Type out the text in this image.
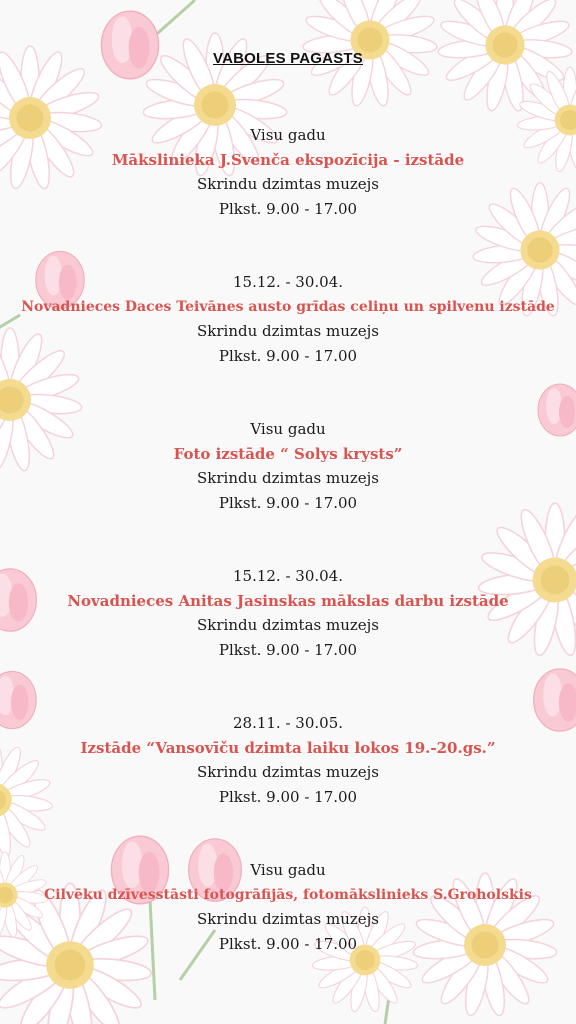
VABOLES PAGASTS
Visu gadu
Mākslinieka J.Svenča ekspozīcija - izstāde
Skrindu dzimtas muzejs
Plkst. 9.00 - 17.00
15.12. - 30.04.
Novadnieces Daces Teivānes austo grīdas celiņu un spilvenu izstāde
Skrindu dzimtas muzejs
Plkst. 9.00 - 17.00
Visu gadu
Foto izstāde “ Solys krysts”
Skrindu dzimtas muzejs
Plkst. 9.00 - 17.00
15.12. - 30.04.
Novadnieces Anitas Jasinskas mākslas darbu izstāde
Skrindu dzimtas muzejs
Plkst. 9.00 - 17.00
28.11. - 30.05.
Izstāde “Vansovīču dzimta laiku lokos 19.-20.gs.”
Skrindu dzimtas muzejs
Plkst. 9.00 - 17.00
Visu gadu
Cilvēku dzīvesstāsti fotogrāfijās, fotomākslinieks S.Groholskis
Skrindu dzimtas muzejs
Plkst. 9.00 - 17.00
